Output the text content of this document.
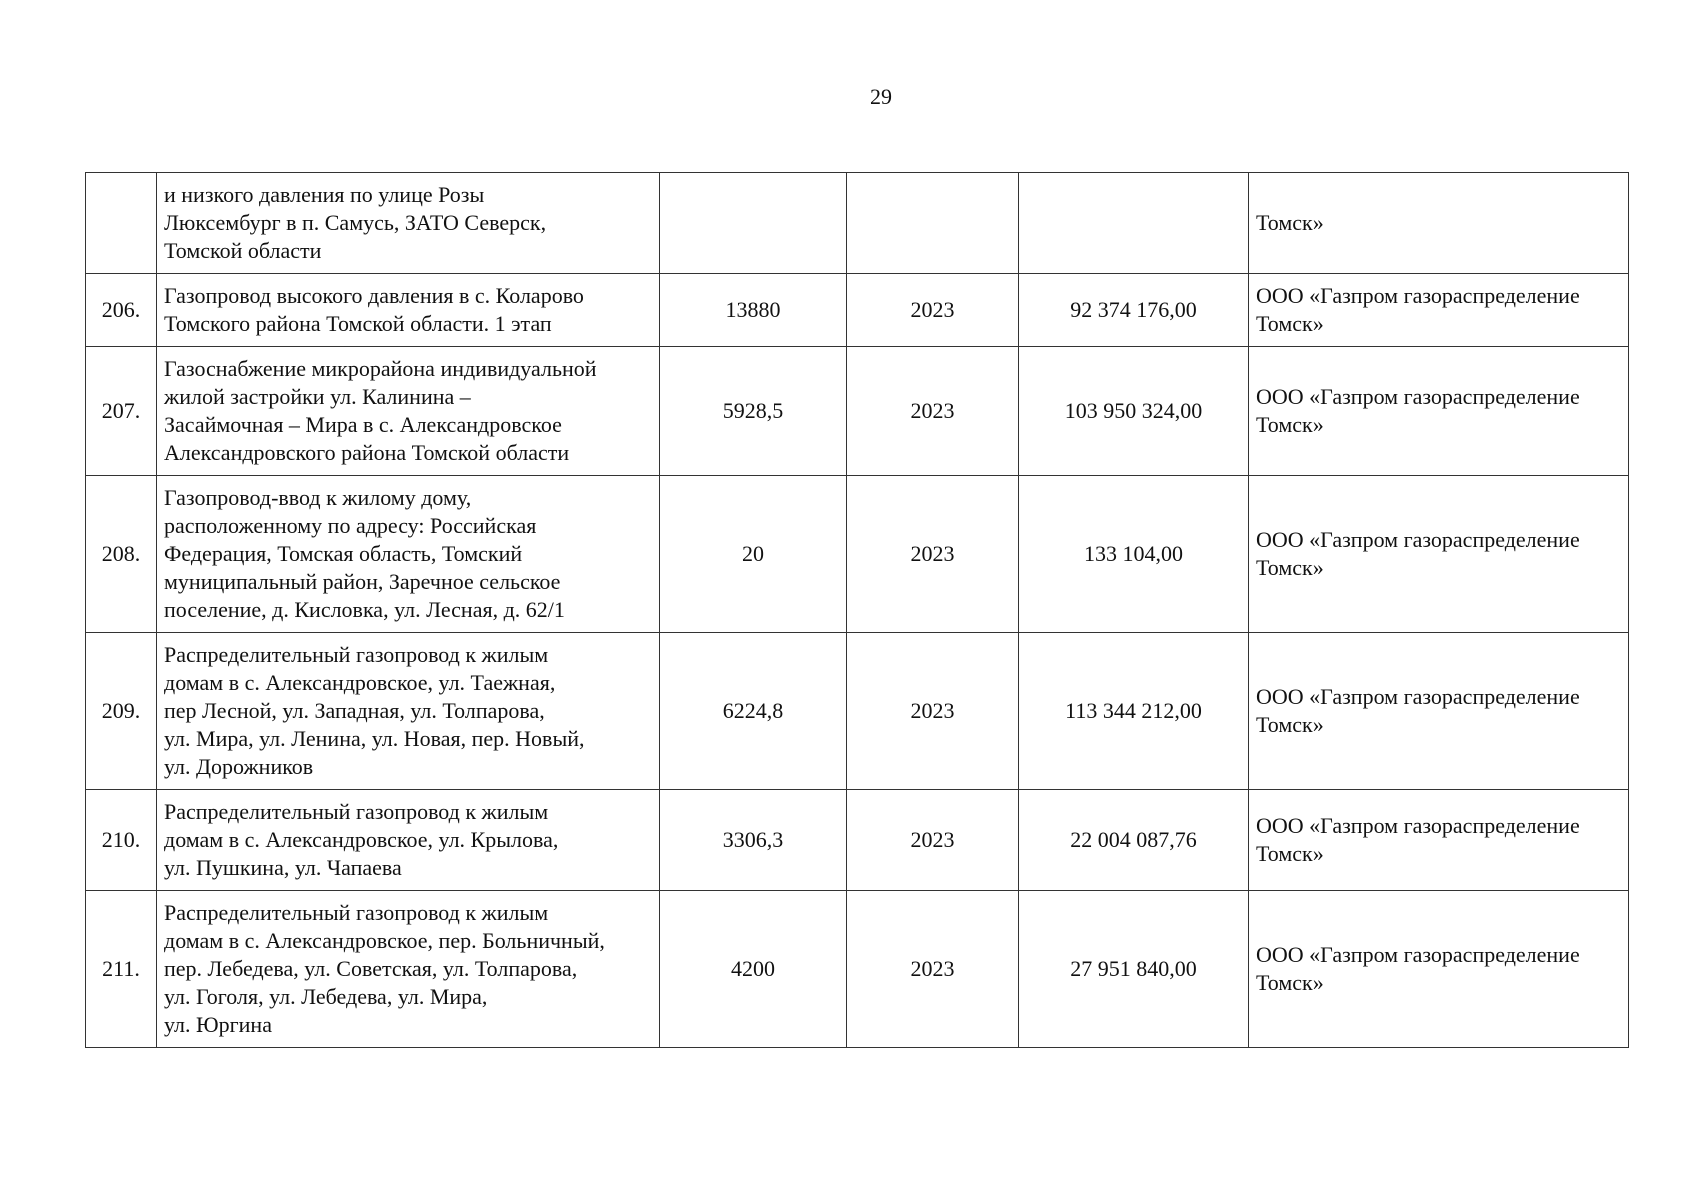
29

	и низкого давления по улице Розы
Люксембург в п. Самусь, ЗАТО Северск,
Томской области				Томск»

206.	Газопровод высокого давления в с. Коларово
Томского района Томской области. 1 этап	13880	2023	92 374 176,00	ООО «Газпром газораспределение
Томск»

207.	Газоснабжение микрорайона индивидуальной
жилой застройки ул. Калинина –
Засаймочная – Мира в с. Александровское
Александровского района Томской области	5928,5	2023	103 950 324,00	ООО «Газпром газораспределение
Томск»

208.	Газопровод-ввод к жилому дому,
расположенному по адресу: Российская
Федерация, Томская область, Томский
муниципальный район, Заречное сельское
поселение, д. Кисловка, ул. Лесная, д. 62/1	20	2023	133 104,00	ООО «Газпром газораспределение
Томск»

209.	Распределительный газопровод к жилым
домам в с. Александровское, ул. Таежная,
пер Лесной, ул. Западная, ул. Толпарова,
ул. Мира, ул. Ленина, ул. Новая, пер. Новый,
ул. Дорожников	6224,8	2023	113 344 212,00	ООО «Газпром газораспределение
Томск»

210.	Распределительный газопровод к жилым
домам в с. Александровское, ул. Крылова,
ул. Пушкина, ул. Чапаева	3306,3	2023	22 004 087,76	ООО «Газпром газораспределение
Томск»

211.	Распределительный газопровод к жилым
домам в с. Александровское, пер. Больничный,
пер. Лебедева, ул. Советская, ул. Толпарова,
ул. Гоголя, ул. Лебедева, ул. Мира,
ул. Юргина	4200	2023	27 951 840,00	ООО «Газпром газораспределение
Томск»
